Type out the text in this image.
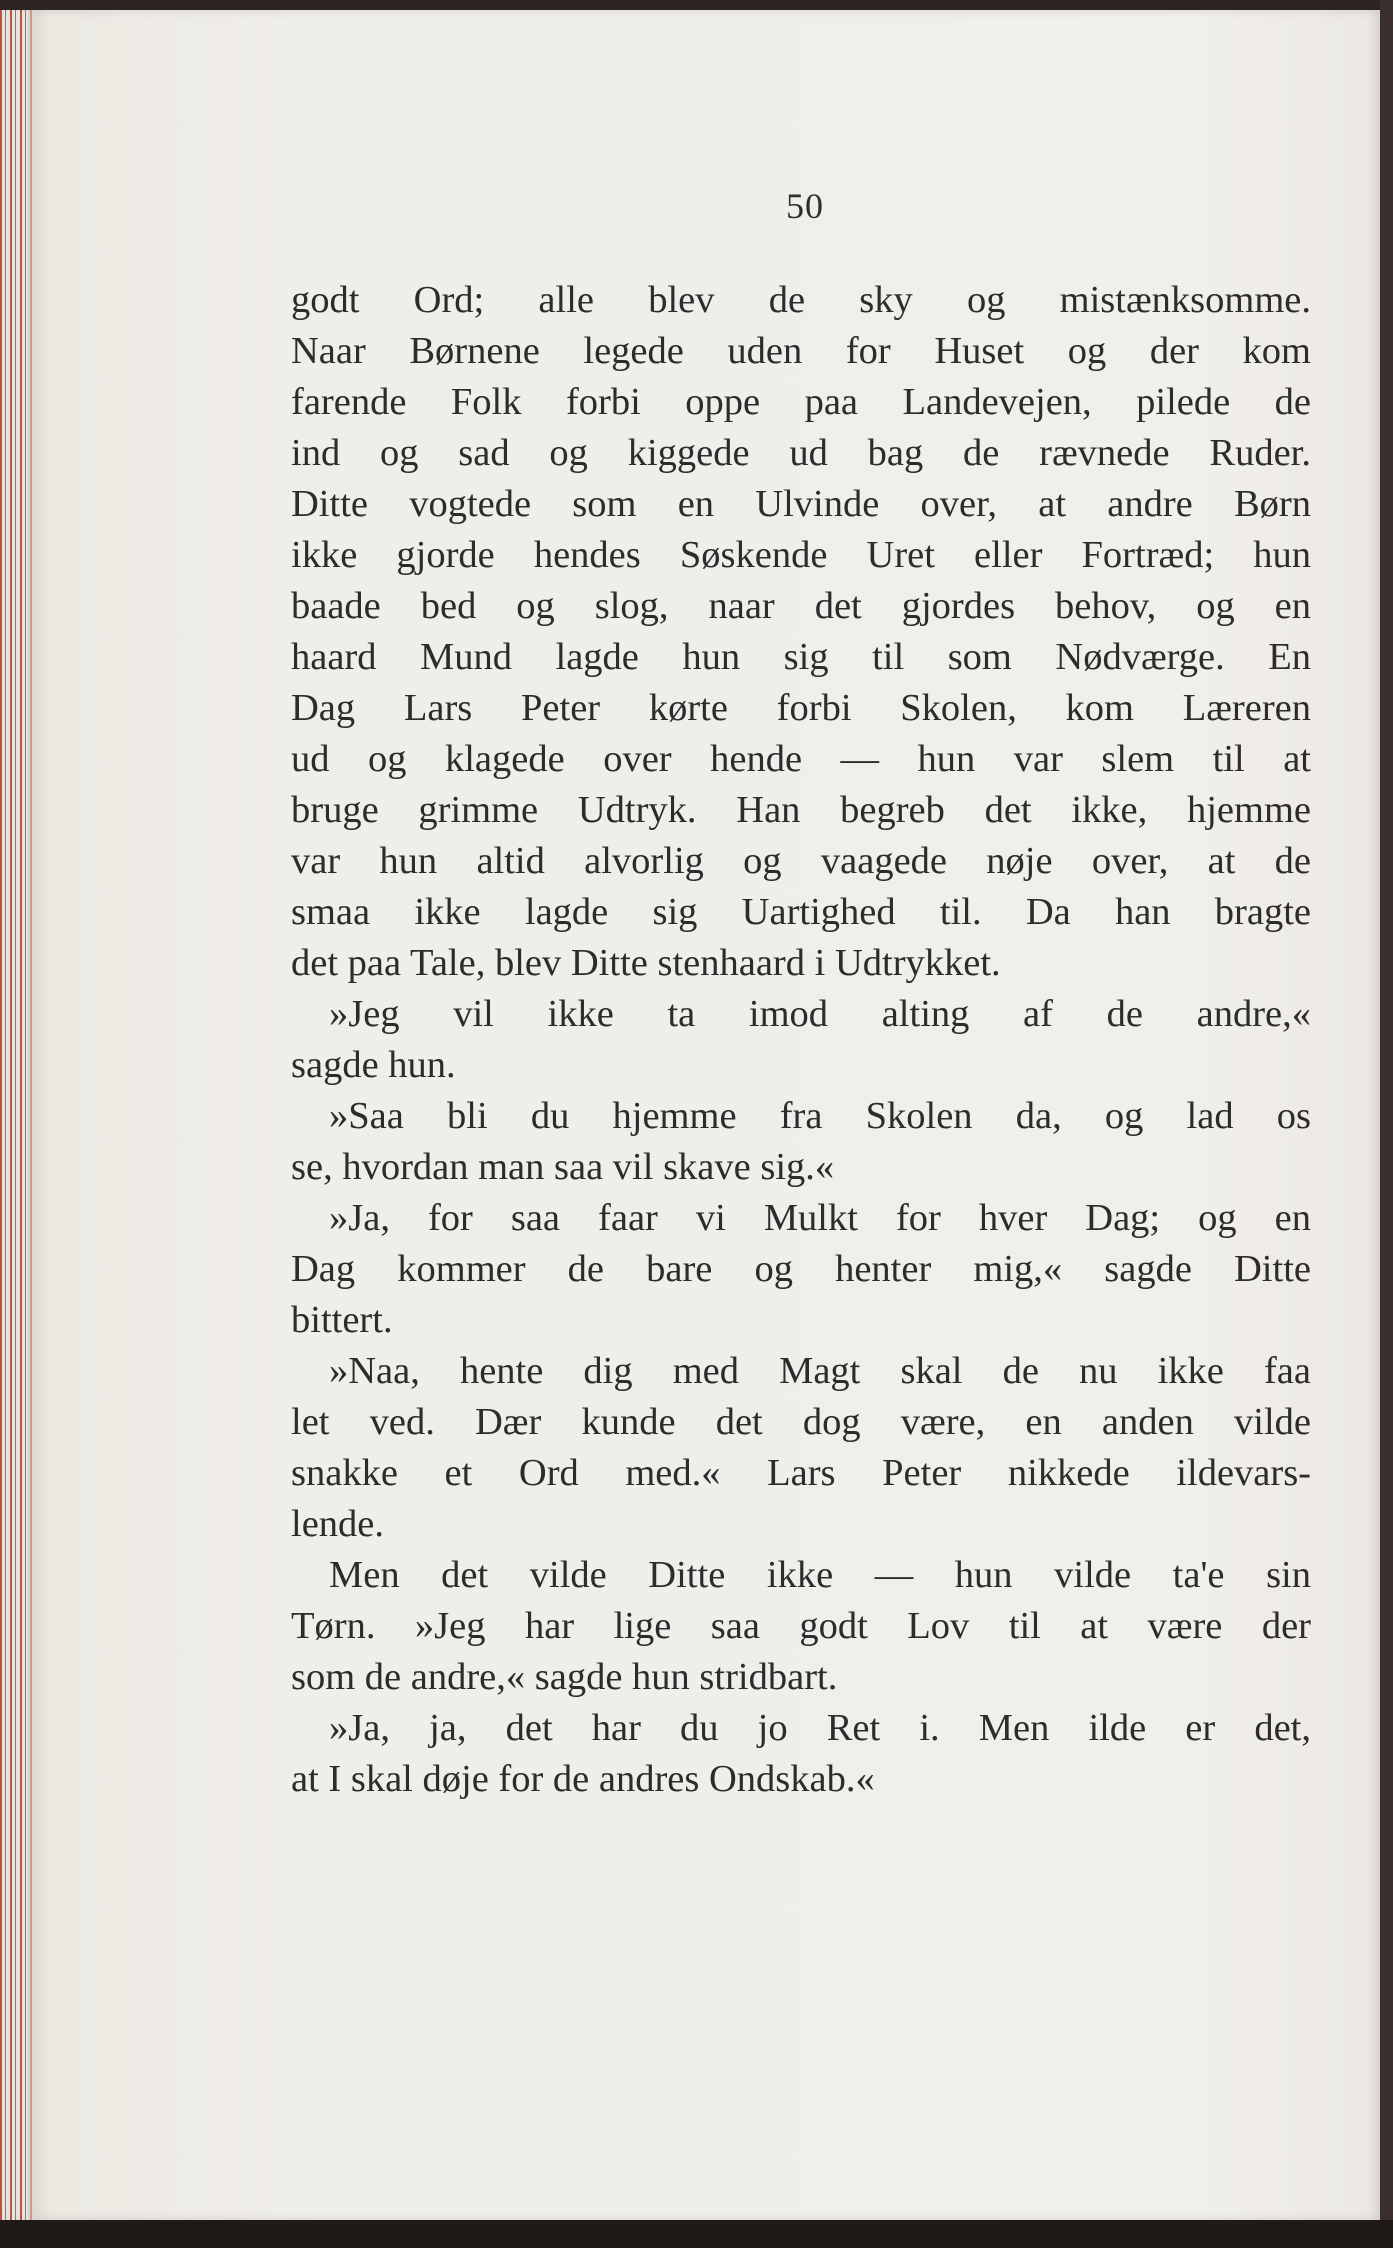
50
godt Ord; alle blev de sky og mistænksomme.
Naar Børnene legede uden for Huset og der kom
farende Folk forbi oppe paa Landevejen, pilede de
ind og sad og kiggede ud bag de rævnede Ruder.
Ditte vogtede som en Ulvinde over, at andre Børn
ikke gjorde hendes Søskende Uret eller Fortræd; hun
baade bed og slog, naar det gjordes behov, og en
haard Mund lagde hun sig til som Nødværge. En
Dag Lars Peter kørte forbi Skolen, kom Læreren
ud og klagede over hende — hun var slem til at
bruge grimme Udtryk. Han begreb det ikke, hjemme
var hun altid alvorlig og vaagede nøje over, at de
smaa ikke lagde sig Uartighed til. Da han bragte
det paa Tale, blev Ditte stenhaard i Udtrykket.
»Jeg vil ikke ta imod alting af de andre,«
sagde hun.
»Saa bli du hjemme fra Skolen da, og lad os
se, hvordan man saa vil skave sig.«
»Ja, for saa faar vi Mulkt for hver Dag; og en
Dag kommer de bare og henter mig,« sagde Ditte
bittert.
»Naa, hente dig med Magt skal de nu ikke faa
let ved. Dær kunde det dog være, en anden vilde
snakke et Ord med.« Lars Peter nikkede ildevars-
lende.
Men det vilde Ditte ikke — hun vilde ta'e sin
Tørn. »Jeg har lige saa godt Lov til at være der
som de andre,« sagde hun stridbart.
»Ja, ja, det har du jo Ret i. Men ilde er det,
at I skal døje for de andres Ondskab.«
